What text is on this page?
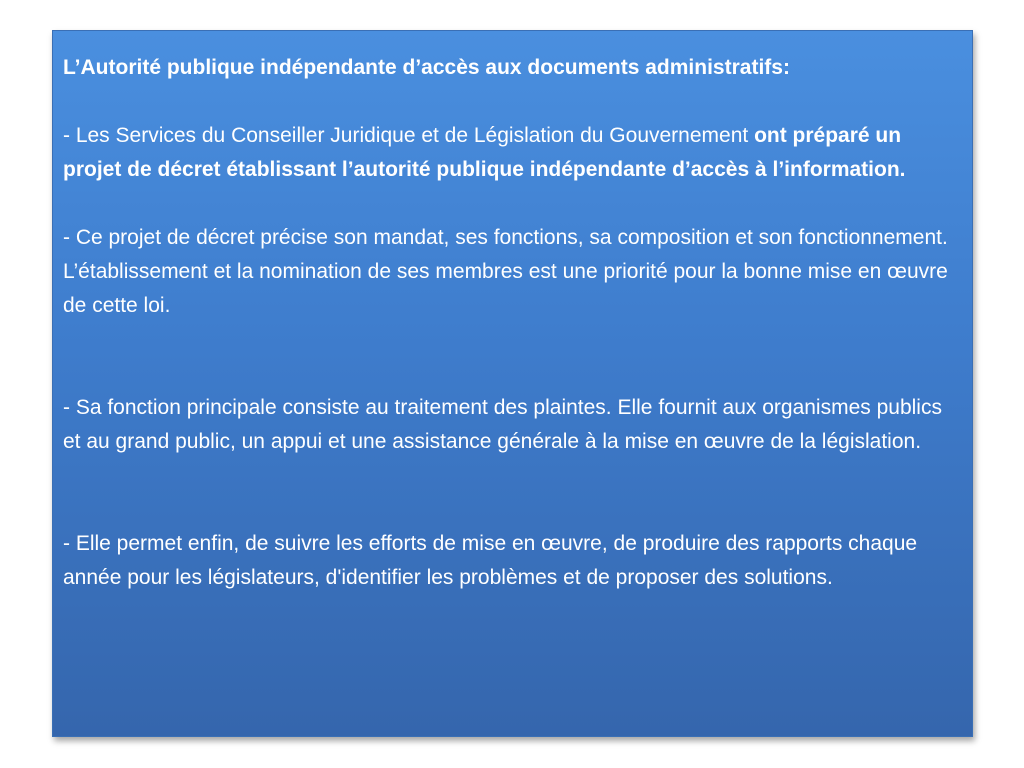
L’Autorité publique indépendante d’accès aux documents administratifs:

- Les Services du Conseiller Juridique et de Législation du Gouvernement ont préparé un projet de décret établissant l’autorité publique indépendante d’accès à l’information.

- Ce projet de décret précise son mandat, ses fonctions, sa composition et son fonctionnement. L’établissement et la nomination de ses membres est une priorité pour la bonne mise en œuvre de cette loi.

- Sa fonction principale consiste au traitement des plaintes. Elle fournit aux organismes publics et au grand public, un appui et une assistance générale à la mise en œuvre de la législation.

- Elle permet enfin, de suivre les efforts de mise en œuvre, de produire des rapports chaque année pour les législateurs, d'identifier les problèmes et de proposer des solutions.
